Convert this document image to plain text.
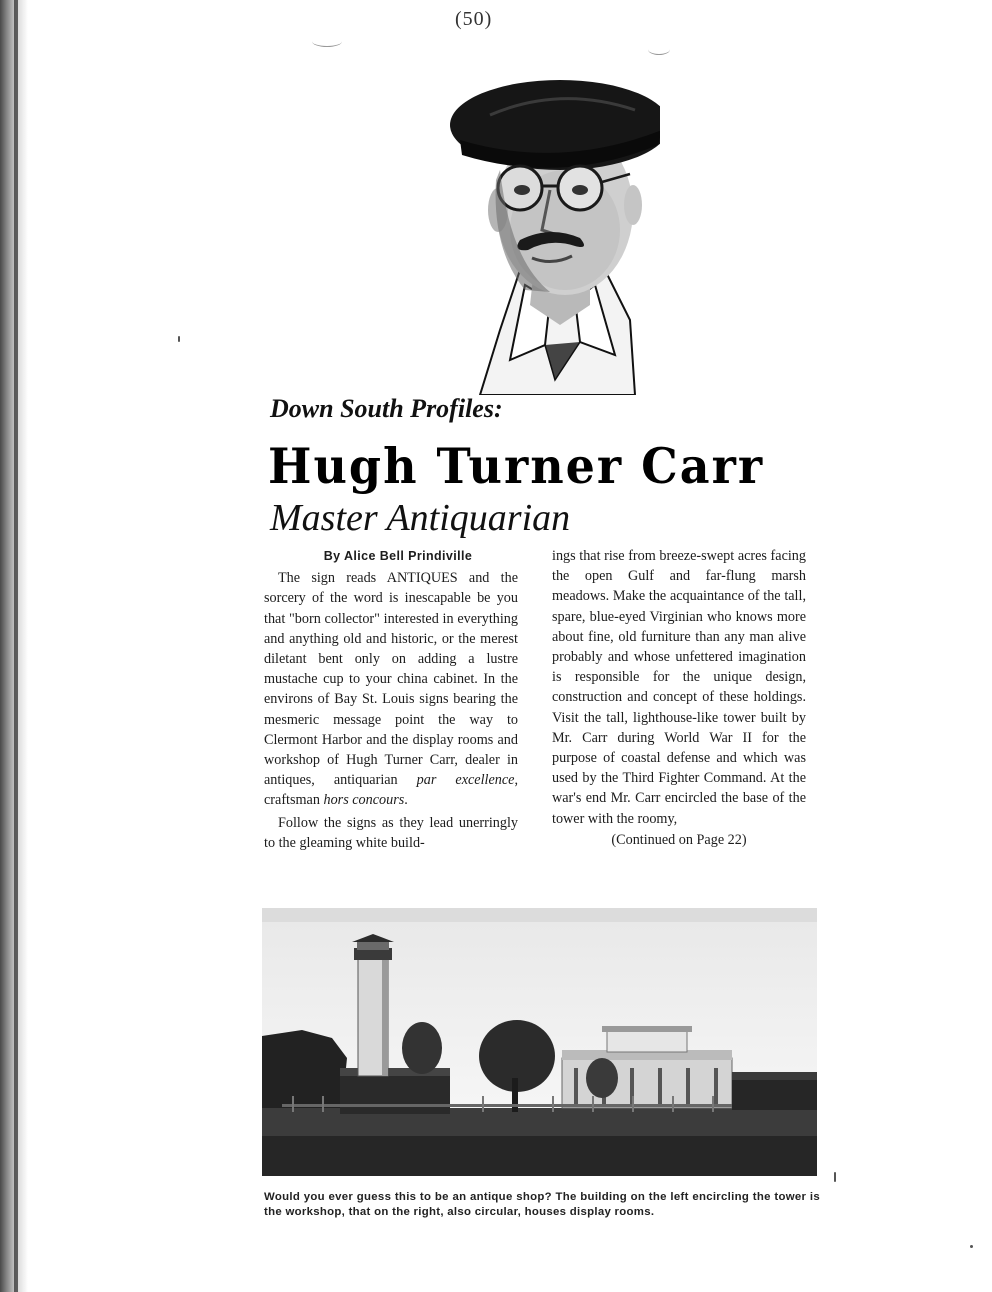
(50)
Down South Profiles:
Hugh Turner Carr
Master Antiquarian

By Alice Bell Prindiville

The sign reads ANTIQUES and the sorcery of the word is inescapable be you that "born collector" interested in everything and anything old and historic, or the merest diletant bent only on adding a lustre mustache cup to your china cabinet. In the environs of Bay St. Louis signs bearing the mesmeric message point the way to Clermont Harbor and the display rooms and workshop of Hugh Turner Carr, dealer in antiques, antiquarian par excellence, craftsman hors concours.

Follow the signs as they lead unerringly to the gleaming white build-

ings that rise from breeze-swept acres facing the open Gulf and far-flung marsh meadows. Make the acquaintance of the tall, spare, blue-eyed Virginian who knows more about fine, old furniture than any man alive probably and whose unfettered imagination is responsible for the unique design, construction and concept of these holdings. Visit the tall, lighthouse-like tower built by Mr. Carr during World War II for the purpose of coastal defense and which was used by the Third Fighter Command. At the war's end Mr. Carr encircled the base of the tower with the roomy,

(Continued on Page 22)

Would you ever guess this to be an antique shop? The building on the left encircling the tower is the workshop, that on the right, also circular, houses display rooms.
